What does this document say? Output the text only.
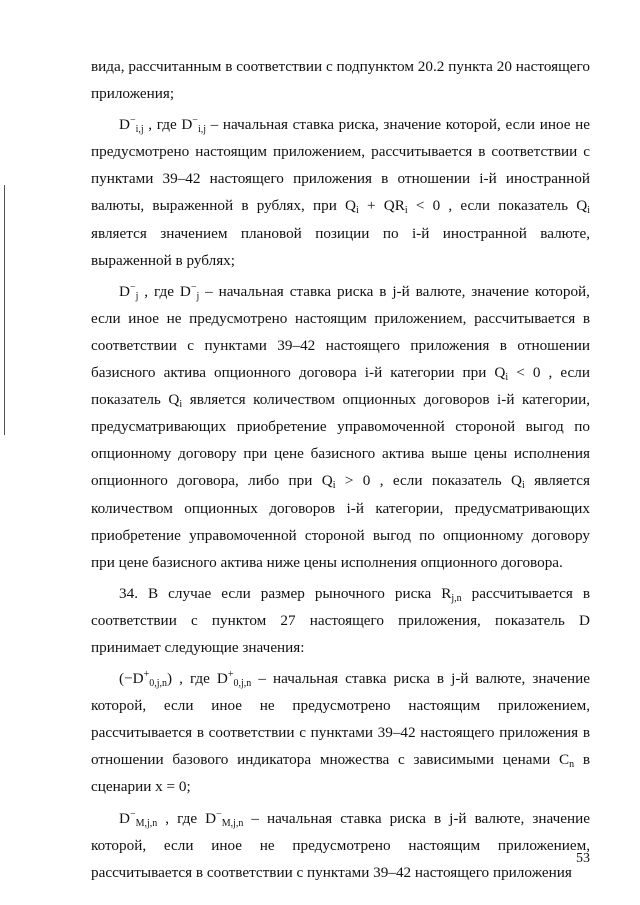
вида, рассчитанным в соответствии с подпунктом 20.2 пункта 20 настоящего приложения;

$D^-_{i,j}$ , где $D^-_{i,j}$ – начальная ставка риска, значение которой, если иное не предусмотрено настоящим приложением, рассчитывается в соответствии с пунктами 39–42 настоящего приложения в отношении i-й иностранной валюты, выраженной в рублях, при $Q_i + QR_i < 0$ , если показатель $Q_i$ является значением плановой позиции по i-й иностранной валюте, выраженной в рублях;

$D^-_j$ , где $D^-_j$ – начальная ставка риска в j-й валюте, значение которой, если иное не предусмотрено настоящим приложением, рассчитывается в соответствии с пунктами 39–42 настоящего приложения в отношении базисного актива опционного договора i-й категории при $Q_i < 0$ , если показатель $Q_i$ является количеством опционных договоров i-й категории, предусматривающих приобретение управомоченной стороной выгод по опционному договору при цене базисного актива выше цены исполнения опционного договора, либо при $Q_i > 0$ , если показатель $Q_i$ является количеством опционных договоров i-й категории, предусматривающих приобретение управомоченной стороной выгод по опционному договору при цене базисного актива ниже цены исполнения опционного договора.

34. В случае если размер рыночного риска $R_{j,n}$ рассчитывается в соответствии с пунктом 27 настоящего приложения, показатель D принимает следующие значения:

$(-D^+_{0,j,n})$ , где $D^+_{0,j,n}$ – начальная ставка риска в j-й валюте, значение которой, если иное не предусмотрено настоящим приложением, рассчитывается в соответствии с пунктами 39–42 настоящего приложения в отношении базового индикатора множества с зависимыми ценами $C_n$ в сценарии x = 0;

$D^-_{M,j,n}$ , где $D^-_{M,j,n}$ – начальная ставка риска в j-й валюте, значение которой, если иное не предусмотрено настоящим приложением, рассчитывается в соответствии с пунктами 39–42 настоящего приложения

53
